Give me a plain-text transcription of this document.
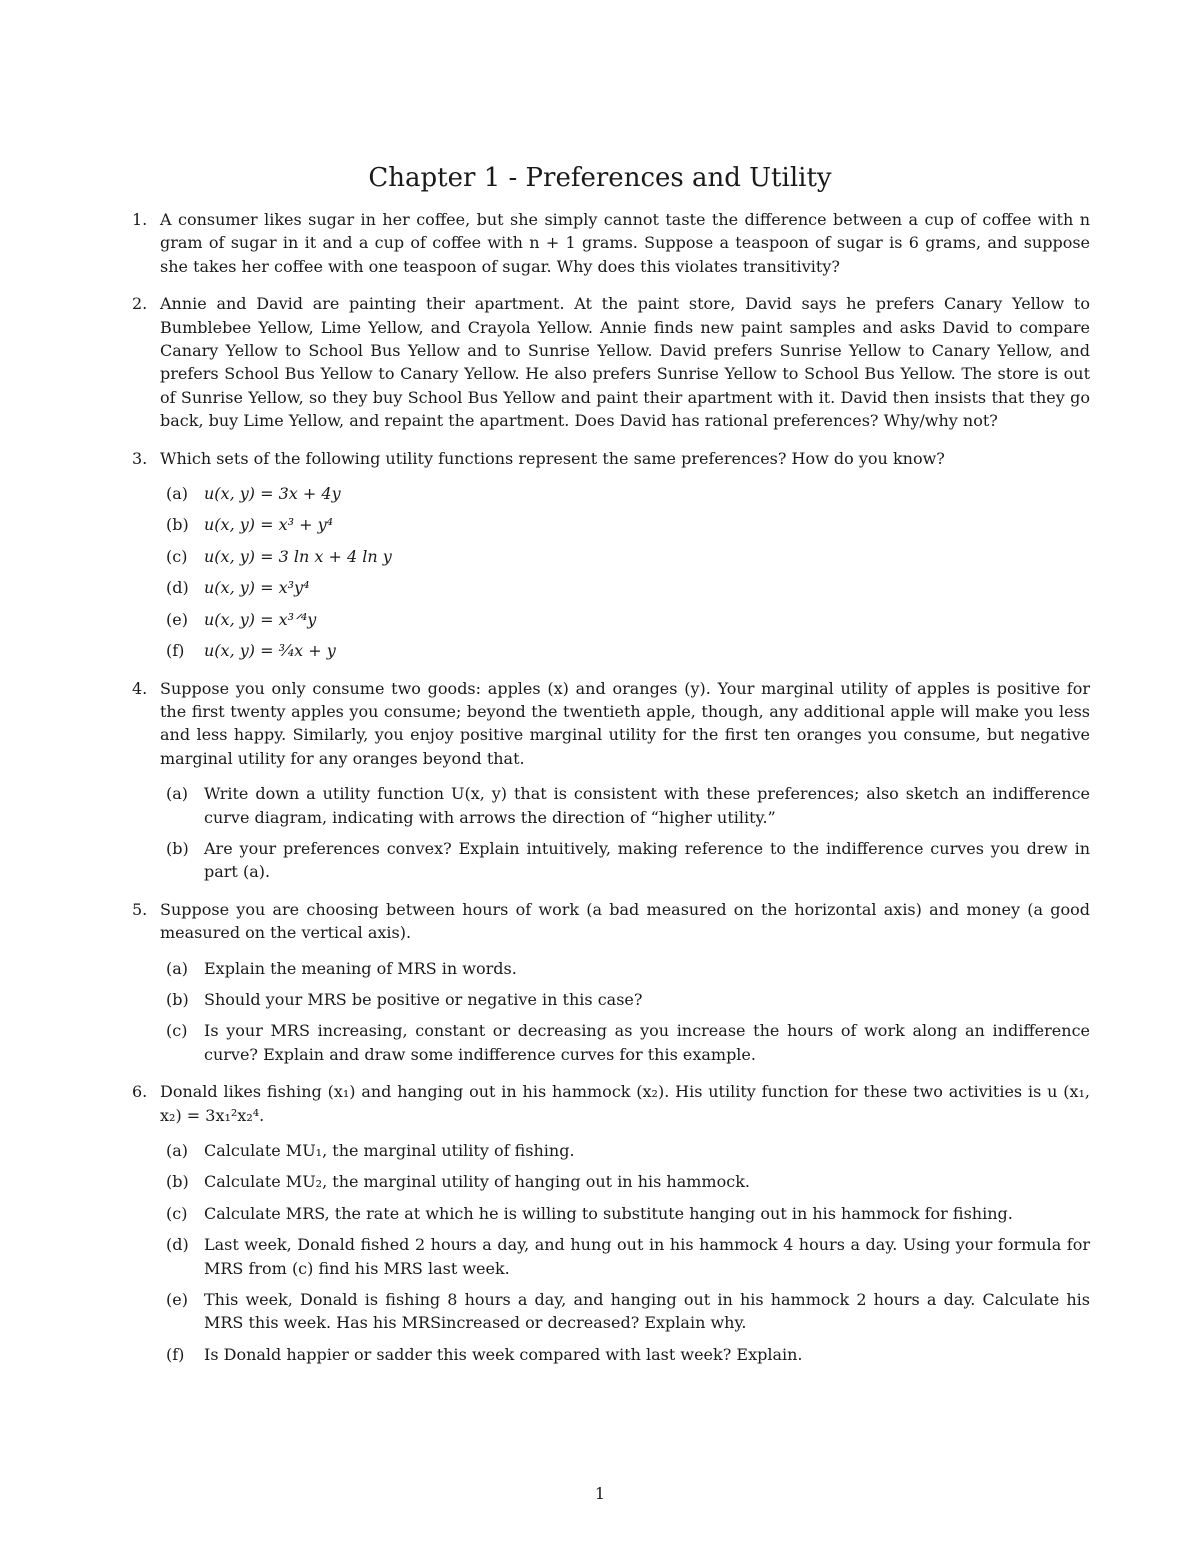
Chapter 1 - Preferences and Utility
1. A consumer likes sugar in her coffee, but she simply cannot taste the difference between a cup of coffee with n gram of sugar in it and a cup of coffee with n + 1 grams. Suppose a teaspoon of sugar is 6 grams, and suppose she takes her coffee with one teaspoon of sugar. Why does this violates transitivity?
2. Annie and David are painting their apartment. At the paint store, David says he prefers Canary Yellow to Bumblebee Yellow, Lime Yellow, and Crayola Yellow. Annie finds new paint samples and asks David to compare Canary Yellow to School Bus Yellow and to Sunrise Yellow. David prefers Sunrise Yellow to Canary Yellow, and prefers School Bus Yellow to Canary Yellow. He also prefers Sunrise Yellow to School Bus Yellow. The store is out of Sunrise Yellow, so they buy School Bus Yellow and paint their apartment with it. David then insists that they go back, buy Lime Yellow, and repaint the apartment. Does David has rational preferences? Why/why not?
3. Which sets of the following utility functions represent the same preferences? How do you know?
(a) u(x, y) = 3x + 4y
(b) u(x, y) = x³ + y⁴
(c) u(x, y) = 3 ln x + 4 ln y
(d) u(x, y) = x³y⁴
(e) u(x, y) = x³ᐟ⁴y
(f) u(x, y) = ³⁄₄x + y
4. Suppose you only consume two goods: apples (x) and oranges (y). Your marginal utility of apples is positive for the first twenty apples you consume; beyond the twentieth apple, though, any additional apple will make you less and less happy. Similarly, you enjoy positive marginal utility for the first ten oranges you consume, but negative marginal utility for any oranges beyond that.
(a) Write down a utility function U(x, y) that is consistent with these preferences; also sketch an indifference curve diagram, indicating with arrows the direction of “higher utility.”
(b) Are your preferences convex? Explain intuitively, making reference to the indifference curves you drew in part (a).
5. Suppose you are choosing between hours of work (a bad measured on the horizontal axis) and money (a good measured on the vertical axis).
(a) Explain the meaning of MRS in words.
(b) Should your MRS be positive or negative in this case?
(c) Is your MRS increasing, constant or decreasing as you increase the hours of work along an indifference curve? Explain and draw some indifference curves for this example.
6. Donald likes fishing (x₁) and hanging out in his hammock (x₂). His utility function for these two activities is u (x₁, x₂) = 3x₁²x₂⁴.
(a) Calculate MU₁, the marginal utility of fishing.
(b) Calculate MU₂, the marginal utility of hanging out in his hammock.
(c) Calculate MRS, the rate at which he is willing to substitute hanging out in his hammock for fishing.
(d) Last week, Donald fished 2 hours a day, and hung out in his hammock 4 hours a day. Using your formula for MRS from (c) find his MRS last week.
(e) This week, Donald is fishing 8 hours a day, and hanging out in his hammock 2 hours a day. Calculate his MRS this week. Has his MRSincreased or decreased? Explain why.
(f) Is Donald happier or sadder this week compared with last week? Explain.
1
